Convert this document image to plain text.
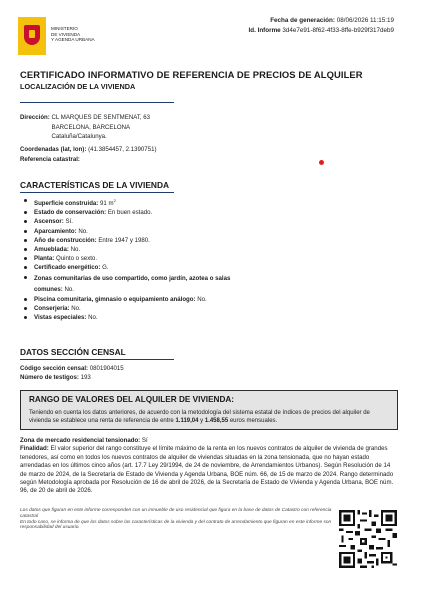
MINISTERIO
DE VIVIENDA
Y AGENDA URBANA
Fecha de generación: 08/06/2026 11:15:19
Id. Informe 3d4e7e91-8f62-4f33-8ffe-b929f317deb9
CERTIFICADO INFORMATIVO DE REFERENCIA DE PRECIOS DE ALQUILER
LOCALIZACIÓN DE LA VIVIENDA
Dirección: CL MARQUES DE SENTMENAT, 63
BARCELONA, BARCELONA
Cataluña/Catalunya.
Coordenadas (lat, lon): (41.3854457, 2.1390751)
Referencia catastral:
CARACTERÍSTICAS DE LA VIVIENDA
Superficie construida: 91 $m^2$
Estado de conservación: En buen estado.
Ascensor: Sí.
Aparcamiento: No.
Año de construcción: Entre 1947 y 1980.
Amueblada: No.
Planta: Quinto o sexto.
Certificado energético: G.
Zonas comunitarias de uso compartido, como jardín, azotea o salas comunes: No.
Piscina comunitaria, gimnasio o equipamiento análogo: No.
Conserjería: No.
Vistas especiales: No.
DATOS SECCIÓN CENSAL
Código sección censal: 0801904015
Número de testigos: 193
RANGO DE VALORES DEL ALQUILER DE VIVIENDA:
Teniendo en cuenta los datos anteriores, de acuerdo con la metodología del sistema estatal de índices de precios del alquiler de vivienda se establece una renta de referencia de entre 1.119,04 y 1.458,55 euros mensuales.
Zona de mercado residencial tensionado: Sí
Finalidad: El valor superior del rango constituye el límite máximo de la renta en los nuevos contratos de alquiler de vivienda de grandes tenedores, así como en todos los nuevos contratos de alquiler de viviendas situadas en la zona tensionada, que no hayan estado arrendadas en los últimos cinco años (art. 17.7 Ley 29/1994, de 24 de noviembre, de Arrendamientos Urbanos). Según Resolución de 14 de marzo de 2024, de la Secretaría de Estado de Vivienda y Agenda Urbana, BOE núm. 66, de 15 de marzo de 2024. Rango determinado según Metodología aprobada por Resolución de 16 de abril de 2026, de la Secretaría de Estado de Vivienda y Agenda Urbana, BOE núm. 96, de 20 de abril de 2026.
Los datos que figuran en este informe corresponden con un inmueble de uso residencial que figura en la base de datos de Catastro con referencia catastral
En todo caso, se informa de que los datos sobre las características de la vivienda y del contrato de arrendamiento que figuran en este informe son responsabilidad del usuario.
